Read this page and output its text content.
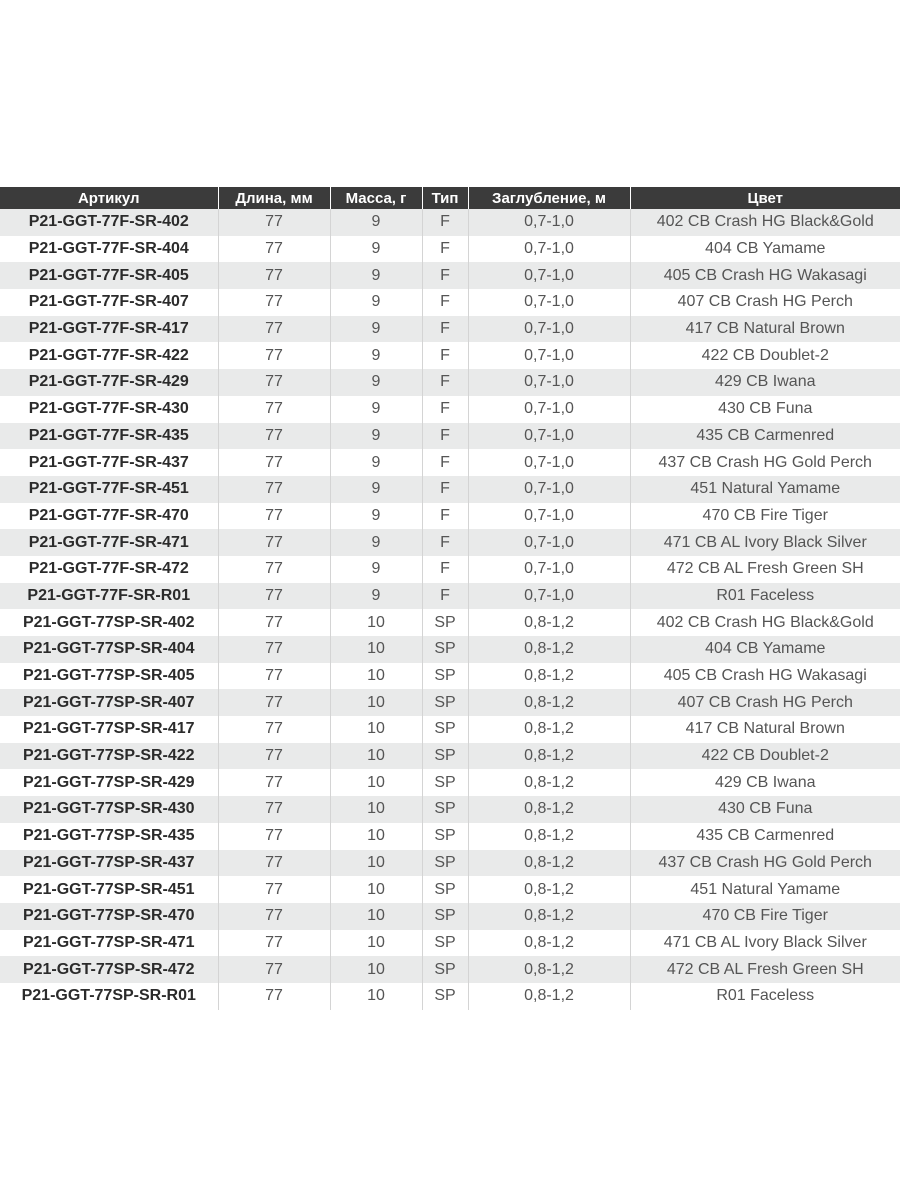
Артикул	Длина, мм	Масса, г	Тип	Заглубление, м	Цвет
P21-GGT-77F-SR-402	77	9	F	0,7-1,0	402 CB Crash HG Black&Gold
P21-GGT-77F-SR-404	77	9	F	0,7-1,0	404 CB Yamame
P21-GGT-77F-SR-405	77	9	F	0,7-1,0	405 CB Crash HG Wakasagi
P21-GGT-77F-SR-407	77	9	F	0,7-1,0	407 CB Crash HG Perch
P21-GGT-77F-SR-417	77	9	F	0,7-1,0	417 CB Natural Brown
P21-GGT-77F-SR-422	77	9	F	0,7-1,0	422 CB Doublet-2
P21-GGT-77F-SR-429	77	9	F	0,7-1,0	429 CB Iwana
P21-GGT-77F-SR-430	77	9	F	0,7-1,0	430 CB Funa
P21-GGT-77F-SR-435	77	9	F	0,7-1,0	435 CB Carmenred
P21-GGT-77F-SR-437	77	9	F	0,7-1,0	437 CB Crash HG Gold Perch
P21-GGT-77F-SR-451	77	9	F	0,7-1,0	451 Natural Yamame
P21-GGT-77F-SR-470	77	9	F	0,7-1,0	470 CB Fire Tiger
P21-GGT-77F-SR-471	77	9	F	0,7-1,0	471 CB AL Ivory Black Silver
P21-GGT-77F-SR-472	77	9	F	0,7-1,0	472 CB AL Fresh Green SH
P21-GGT-77F-SR-R01	77	9	F	0,7-1,0	R01 Faceless
P21-GGT-77SP-SR-402	77	10	SP	0,8-1,2	402 CB Crash HG Black&Gold
P21-GGT-77SP-SR-404	77	10	SP	0,8-1,2	404 CB Yamame
P21-GGT-77SP-SR-405	77	10	SP	0,8-1,2	405 CB Crash HG Wakasagi
P21-GGT-77SP-SR-407	77	10	SP	0,8-1,2	407 CB Crash HG Perch
P21-GGT-77SP-SR-417	77	10	SP	0,8-1,2	417 CB Natural Brown
P21-GGT-77SP-SR-422	77	10	SP	0,8-1,2	422 CB Doublet-2
P21-GGT-77SP-SR-429	77	10	SP	0,8-1,2	429 CB Iwana
P21-GGT-77SP-SR-430	77	10	SP	0,8-1,2	430 CB Funa
P21-GGT-77SP-SR-435	77	10	SP	0,8-1,2	435 CB Carmenred
P21-GGT-77SP-SR-437	77	10	SP	0,8-1,2	437 CB Crash HG Gold Perch
P21-GGT-77SP-SR-451	77	10	SP	0,8-1,2	451 Natural Yamame
P21-GGT-77SP-SR-470	77	10	SP	0,8-1,2	470 CB Fire Tiger
P21-GGT-77SP-SR-471	77	10	SP	0,8-1,2	471 CB AL Ivory Black Silver
P21-GGT-77SP-SR-472	77	10	SP	0,8-1,2	472 CB AL Fresh Green SH
P21-GGT-77SP-SR-R01	77	10	SP	0,8-1,2	R01 Faceless
